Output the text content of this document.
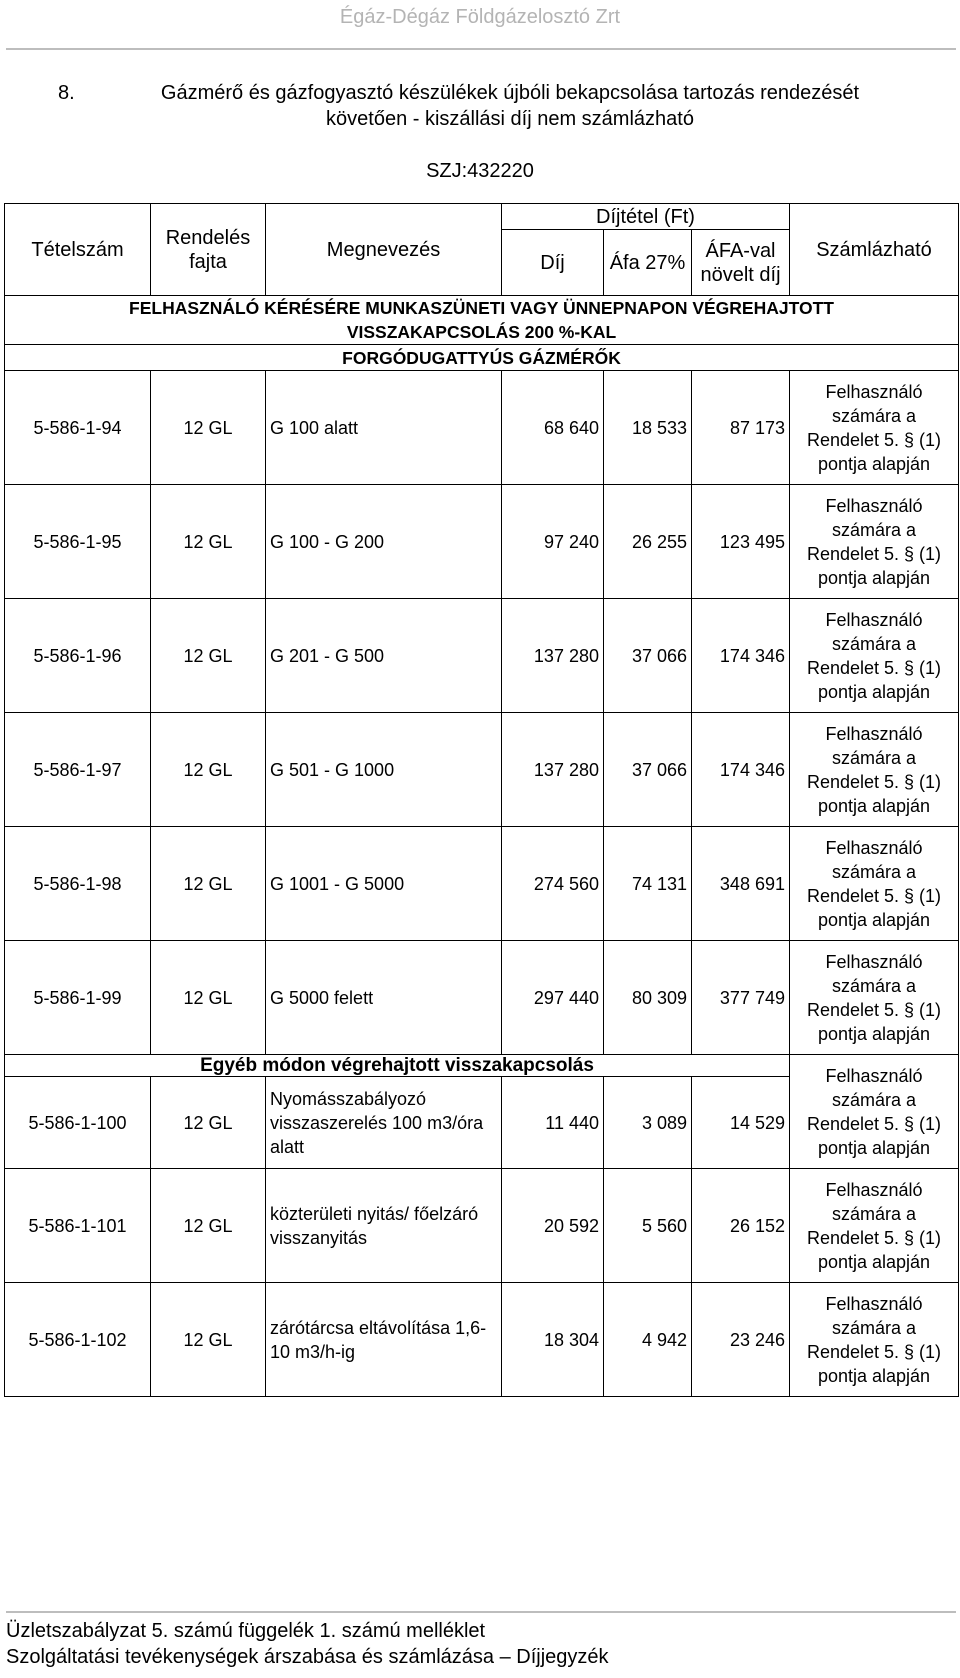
Égáz-Dégáz Földgázelosztó Zrt
8.	Gázmérő és gázfogyasztó készülékek újbóli bekapcsolása tartozás rendezését követően - kiszállási díj nem számlázható
SZJ:432220
Tételszám	Rendelés fajta	Megnevezés	Díjtétel (Ft)			Számlázható
			Díj	Áfa 27%	ÁFA-val növelt díj	

FELHASZNÁLÓ KÉRÉSÉRE MUNKASZÜNETI VAGY ÜNNEPNAPON VÉGREHAJTOTT
VISSZAKAPCSOLÁS 200 %-KAL						

FORGÓDUGATTYÚS GÁZMÉRŐK						
5-586-1-94	12 GL	G 100 alatt	68 640	18 533	87 173	Felhasználó számára a Rendelet 5. § (1) pontja alapján
5-586-1-95	12 GL	G 100 - G 200	97 240	26 255	123 495	Felhasználó számára a Rendelet 5. § (1) pontja alapján
5-586-1-96	12 GL	G 201 - G 500	137 280	37 066	174 346	Felhasználó számára a Rendelet 5. § (1) pontja alapján
5-586-1-97	12 GL	G 501 - G 1000	137 280	37 066	174 346	Felhasználó számára a Rendelet 5. § (1) pontja alapján
5-586-1-98	12 GL	G 1001 - G 5000	274 560	74 131	348 691	Felhasználó számára a Rendelet 5. § (1) pontja alapján
5-586-1-99	12 GL	G 5000 felett	297 440	80 309	377 749	Felhasználó számára a Rendelet 5. § (1) pontja alapján
Egyéb módon végrehajtott visszakapcsolás						Felhasználó számára a Rendelet 5. § (1) pontja alapján
5-586-1-100	12 GL	Nyomásszabályozó visszaszerelés 100 m3/óra alatt	11 440	3 089	14 529	
5-586-1-101	12 GL	közterületi nyitás/ főelzáró visszanyitás	20 592	5 560	26 152	Felhasználó számára a Rendelet 5. § (1) pontja alapján
5-586-1-102	12 GL	zárótárcsa eltávolítása 1,6-10 m3/h-ig	18 304	4 942	23 246	Felhasználó számára a Rendelet 5. § (1) pontja alapján
Üzletszabályzat 5. számú függelék 1. számú melléklet
Szolgáltatási tevékenységek árszabása és számlázása – Díjjegyzék
